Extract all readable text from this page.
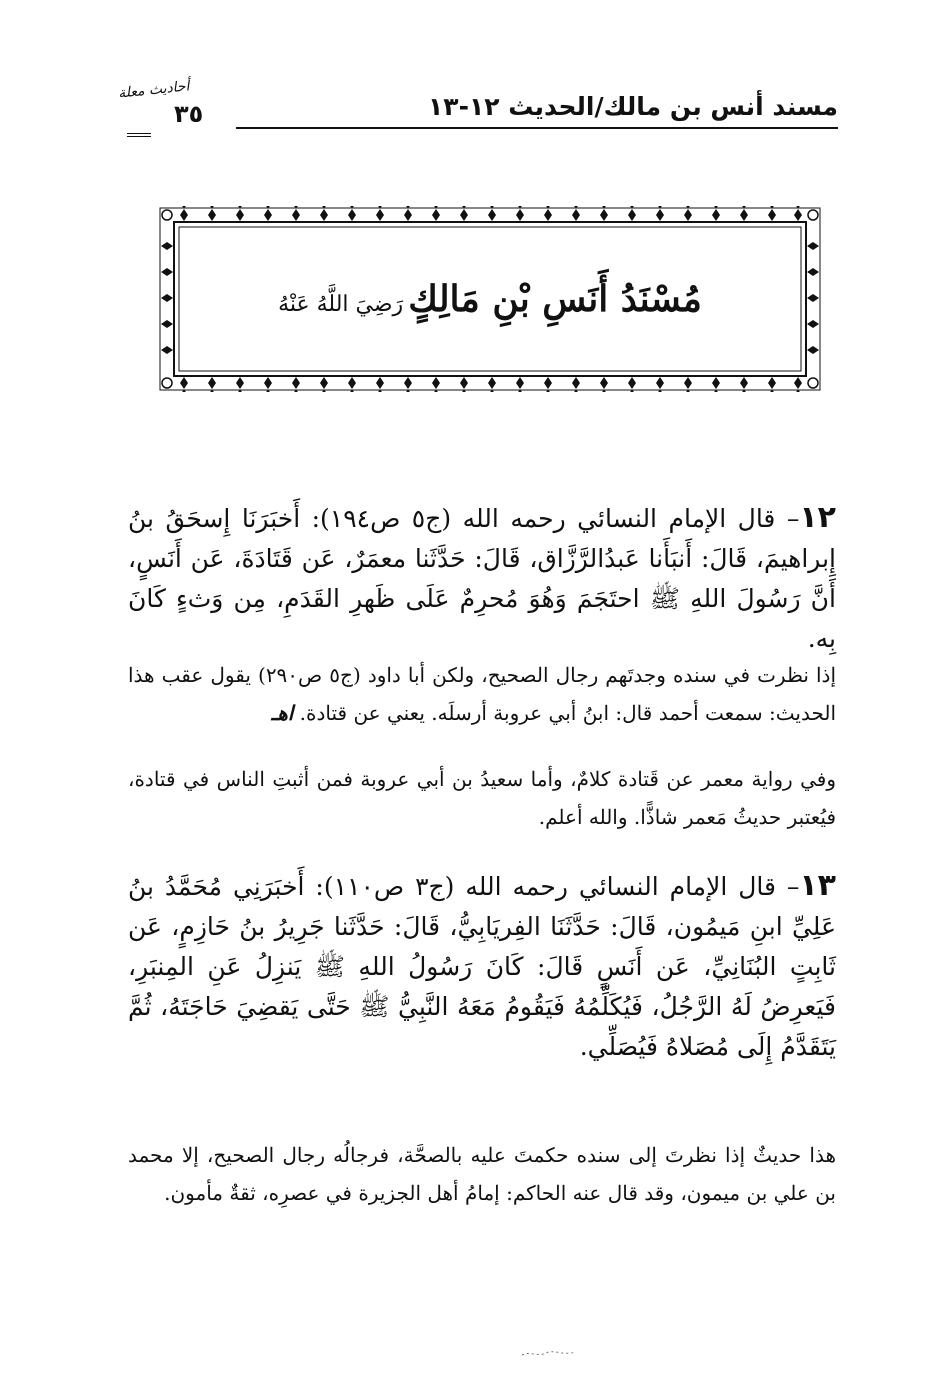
أحاديث معلة
٣٥	مسند أنس بن مالك/الحديث ١٢-١٣
مُسْنَدُ أَنَسِ بْنِ مَالِكٍ رَضِيَ اللَّهُ عَنْهُ
١٢– قال الإمام النسائي رحمه الله (ج٥ ص١٩٤): أَخبَرَنَا إِسحَقُ بنُ إِبراهيمَ، قَالَ: أَنبَأَنا عَبدُالرَّزَّاق، قَالَ: حَدَّثَنا معمَرٌ، عَن قَتَادَةَ، عَن أَنَسٍ، أَنَّ رَسُولَ اللهِ ﷺ احتَجَمَ وَهُوَ مُحرِمٌ عَلَى ظَهرِ القَدَمِ، مِن وَثءٍ كَانَ بِه.
إذا نظرت في سنده وجدتَهم رجال الصحيح، ولكن أبا داود (ج٥ ص٢٩٠) يقول عقب هذا الحديث: سمعت أحمد قال: ابنُ أبي عروبة أرسلَه. يعني عن قتادة. اهـ
وفي رواية معمر عن قَتادة كلامٌ، وأما سعيدُ بن أبي عروبة فمن أثبتِ الناس في قتادة، فيُعتبر حديثُ مَعمر شاذًّا. والله أعلم.
١٣– قال الإمام النسائي رحمه الله (ج٣ ص١١٠): أَخبَرَنِي مُحَمَّدُ بنُ عَلِيِّ ابنِ مَيمُون، قَالَ: حَدَّثَنَا الفِريَابِيُّ، قَالَ: حَدَّثَنا جَرِيرُ بنُ حَازِمٍ، عَن ثَابِتٍ البُنَانِيِّ، عَن أَنَسٍ قَالَ: كَانَ رَسُولُ اللهِ ﷺ يَنزِلُ عَنِ المِنبَرِ، فَيَعرِضُ لَهُ الرَّجُلُ، فَيُكَلِّمُهُ فَيَقُومُ مَعَهُ النَّبِيُّ ﷺ حَتَّى يَقضِيَ حَاجَتَهُ، ثُمَّ يَتَقَدَّمُ إِلَى مُصَلاهُ فَيُصَلِّي.
هذا حديثٌ إذا نظرتَ إلى سنده حكمتَ عليه بالصحَّة، فرجالُه رجال الصحيح، إلا محمد بن علي بن ميمون، وقد قال عنه الحاكم: إمامُ أهل الجزيرة في عصرِه، ثقةٌ مأمون.
